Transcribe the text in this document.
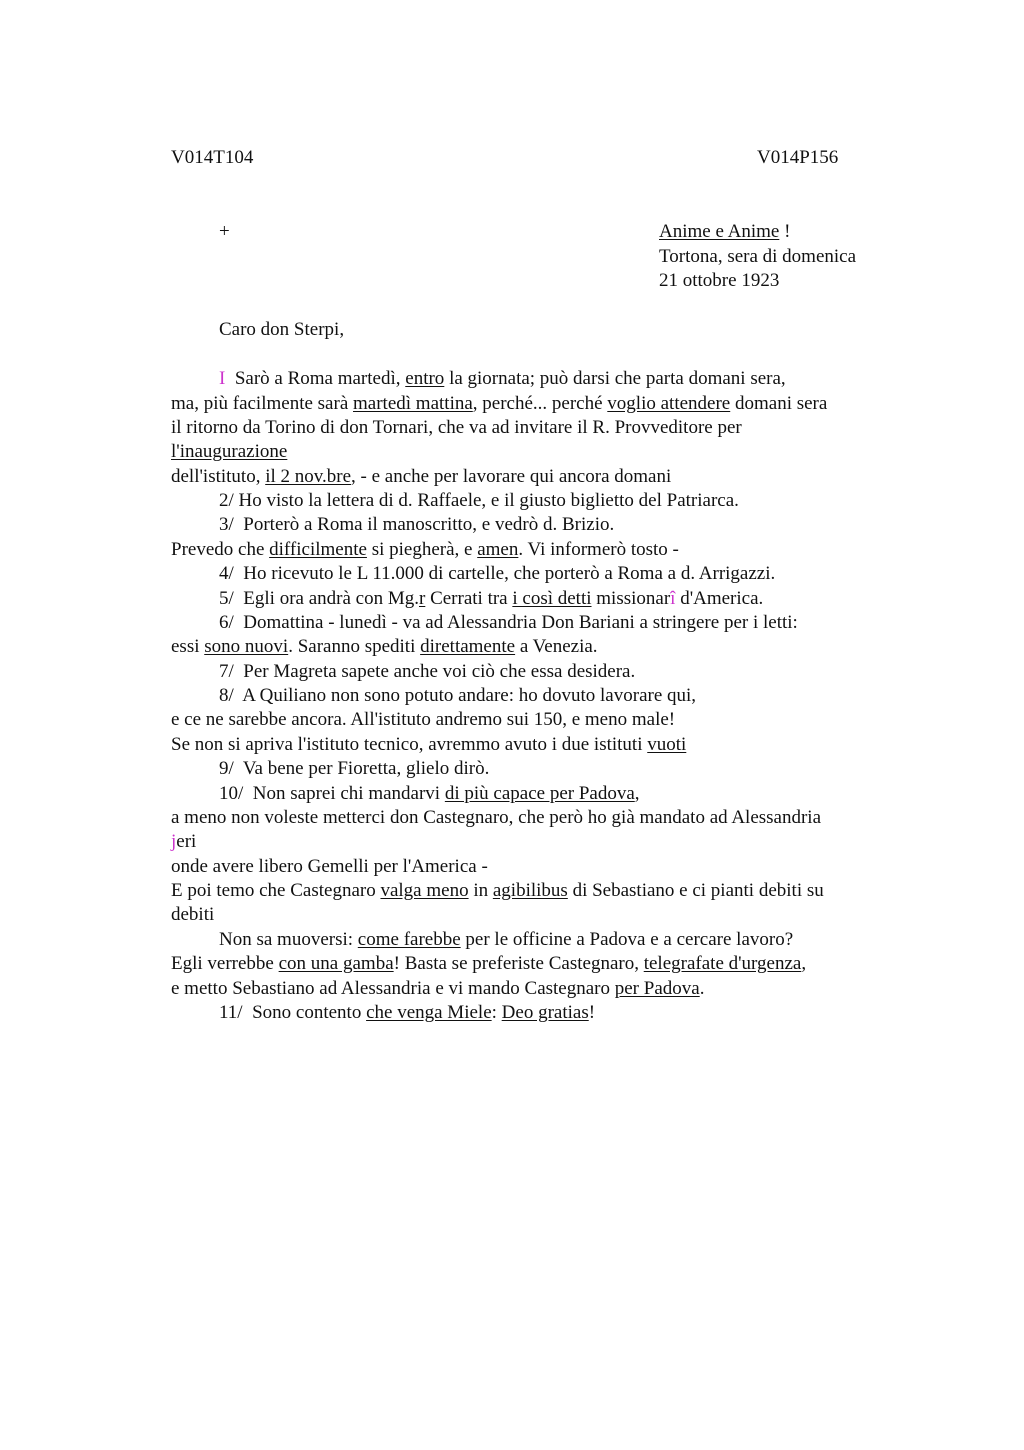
V014T104	V014P156
+	Anime e Anime !
Tortona, sera di domenica
21 ottobre 1923
Caro don Sterpi,
I  Sarò a Roma martedì, entro la giornata; può darsi che parta domani sera,
ma, più facilmente sarà martedì mattina, perché... perché voglio attendere domani sera
il ritorno da Torino di don Tornari, che va ad invitare il R. Provveditore per
l'inaugurazione
dell'istituto, il 2 nov.bre, - e anche per lavorare qui ancora domani
2/ Ho visto la lettera di d. Raffaele, e il giusto biglietto del Patriarca.
3/  Porterò a Roma il manoscritto, e vedrò d. Brizio.
Prevedo che difficilmente si piegherà, e amen. Vi informerò tosto -
4/  Ho ricevuto le L 11.000 di cartelle, che porterò a Roma a d. Arrigazzi.
5/  Egli ora andrà con Mg.r Cerrati tra i così detti missionarî d'America.
6/  Domattina - lunedì - va ad Alessandria Don Bariani a stringere per i letti:
essi sono nuovi. Saranno spediti direttamente a Venezia.
7/  Per Magreta sapete anche voi ciò che essa desidera.
8/  A Quiliano non sono potuto andare: ho dovuto lavorare qui,
e ce ne sarebbe ancora. All'istituto andremo sui 150, e meno male!
Se non si apriva l'istituto tecnico, avremmo avuto i due istituti vuoti
9/  Va bene per Fioretta, glielo dirò.
10/  Non saprei chi mandarvi di più capace per Padova,
a meno non voleste metterci don Castegnaro, che però ho già mandato ad Alessandria
jeri
onde avere libero Gemelli per l'America -
E poi temo che Castegnaro valga meno in agibilibus di Sebastiano e ci pianti debiti su
debiti
Non sa muoversi: come farebbe per le officine a Padova e a cercare lavoro?
Egli verrebbe con una gamba! Basta se preferiste Castegnaro, telegrafate d'urgenza,
e metto Sebastiano ad Alessandria e vi mando Castegnaro per Padova.
11/  Sono contento che venga Miele: Deo gratias!
